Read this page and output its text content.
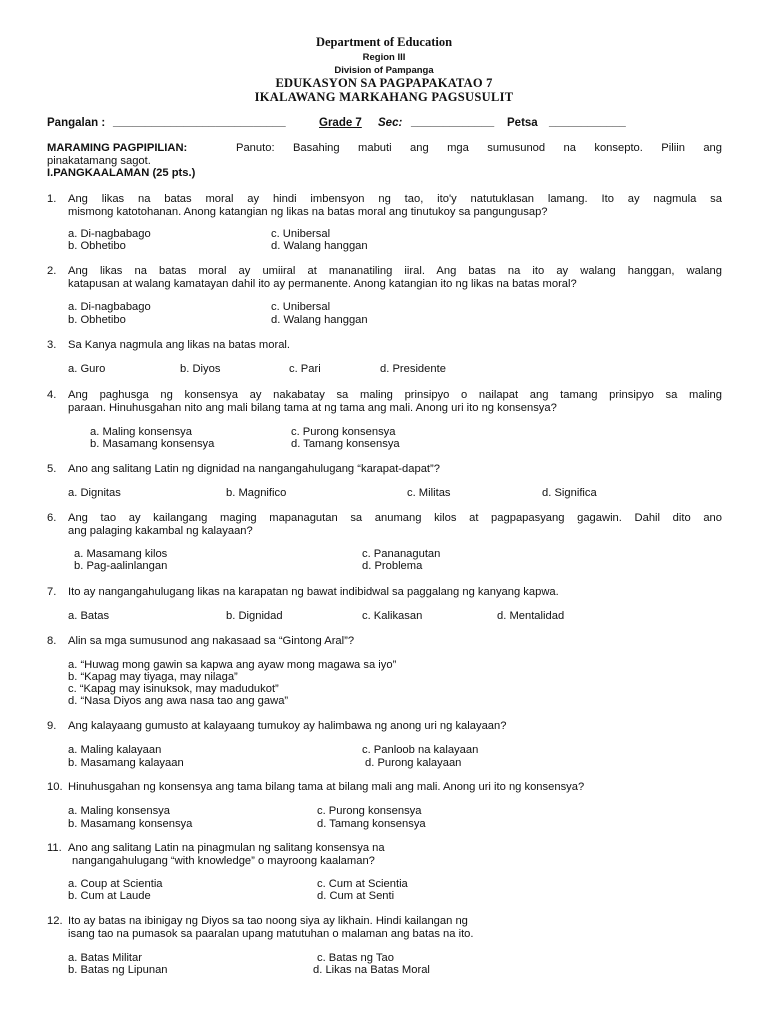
Department of Education
Region III
Division of Pampanga
EDUKASYON SA PAGPAPAKATAO 7
IKALAWANG MARKAHANG PAGSUSULIT
Pangalan : ___________________________	Grade 7 Sec: _____________ Petsa ____________
MARAMING PAGPIPILIAN:	Panuto: Basahing mabuti ang mga sumusunod na konsepto. Piliin ang
pinakatamang sagot.
I.PANGKAALAMAN (25 pts.)
1. Ang likas na batas moral ay hindi imbensyon ng tao, ito'y natutuklasan lamang. Ito ay nagmula sa
mismong katotohanan. Anong katangian ng likas na batas moral ang tinutukoy sa pangungusap?
a. Di-nagbabago	c. Unibersal
b. Obhetibo	d. Walang hanggan
2. Ang likas na batas moral ay umiiral at mananatiling iiral. Ang batas na ito ay walang hanggan, walang
katapusan at walang kamatayan dahil ito ay permanente. Anong katangian ito ng likas na batas moral?
a. Di-nagbabago	c. Unibersal
b. Obhetibo	d. Walang hanggan
3. Sa Kanya nagmula ang likas na batas moral.
a. Guro	b. Diyos	c. Pari	d. Presidente
4. Ang paghusga ng konsensya ay nakabatay sa maling prinsipyo o nailapat ang tamang prinsipyo sa maling
paraan. Hinuhusgahan nito ang mali bilang tama at ng tama ang mali. Anong uri ito ng konsensya?
a. Maling konsensya	c. Purong konsensya
b. Masamang konsensya	d. Tamang konsensya
5. Ano ang salitang Latin ng dignidad na nangangahulugang “karapat-dapat”?
a. Dignitas	b. Magnifico	c. Militas	d. Significa
6. Ang tao ay kailangang maging mapanagutan sa anumang kilos at pagpapasyang gagawin. Dahil dito ano
ang palaging kakambal ng kalayaan?
a. Masamang kilos	c. Pananagutan
b. Pag-aalinlangan	d. Problema
7. Ito ay nangangahulugang likas na karapatan ng bawat indibidwal sa paggalang ng kanyang kapwa.
a. Batas	b. Dignidad	c. Kalikasan	d. Mentalidad
8. Alin sa mga sumusunod ang nakasaad sa “Gintong Aral”?
a. “Huwag mong gawin sa kapwa ang ayaw mong magawa sa iyo”
b. “Kapag may tiyaga, may nilaga”
c. “Kapag may isinuksok, may madudukot”
d. “Nasa Diyos ang awa nasa tao ang gawa”
9. Ang kalayaang gumusto at kalayaang tumukoy ay halimbawa ng anong uri ng kalayaan?
a. Maling kalayaan	c. Panloob na kalayaan
b. Masamang kalayaan	d. Purong kalayaan
10. Hinuhusgahan ng konsensya ang tama bilang tama at bilang mali ang mali. Anong uri ito ng konsensya?
a. Maling konsensya	c. Purong konsensya
b. Masamang konsensya	d. Tamang konsensya
11. Ano ang salitang Latin na pinagmulan ng salitang konsensya na
nangangahulugang “with knowledge” o mayroong kaalaman?
a. Coup at Scientia	c. Cum at Scientia
b. Cum at Laude	d. Cum at Senti
12. Ito ay batas na ibinigay ng Diyos sa tao noong siya ay likhain. Hindi kailangan ng
isang tao na pumasok sa paaralan upang matutuhan o malaman ang batas na ito.
a. Batas Militar	c. Batas ng Tao
b. Batas ng Lipunan	d. Likas na Batas Moral
